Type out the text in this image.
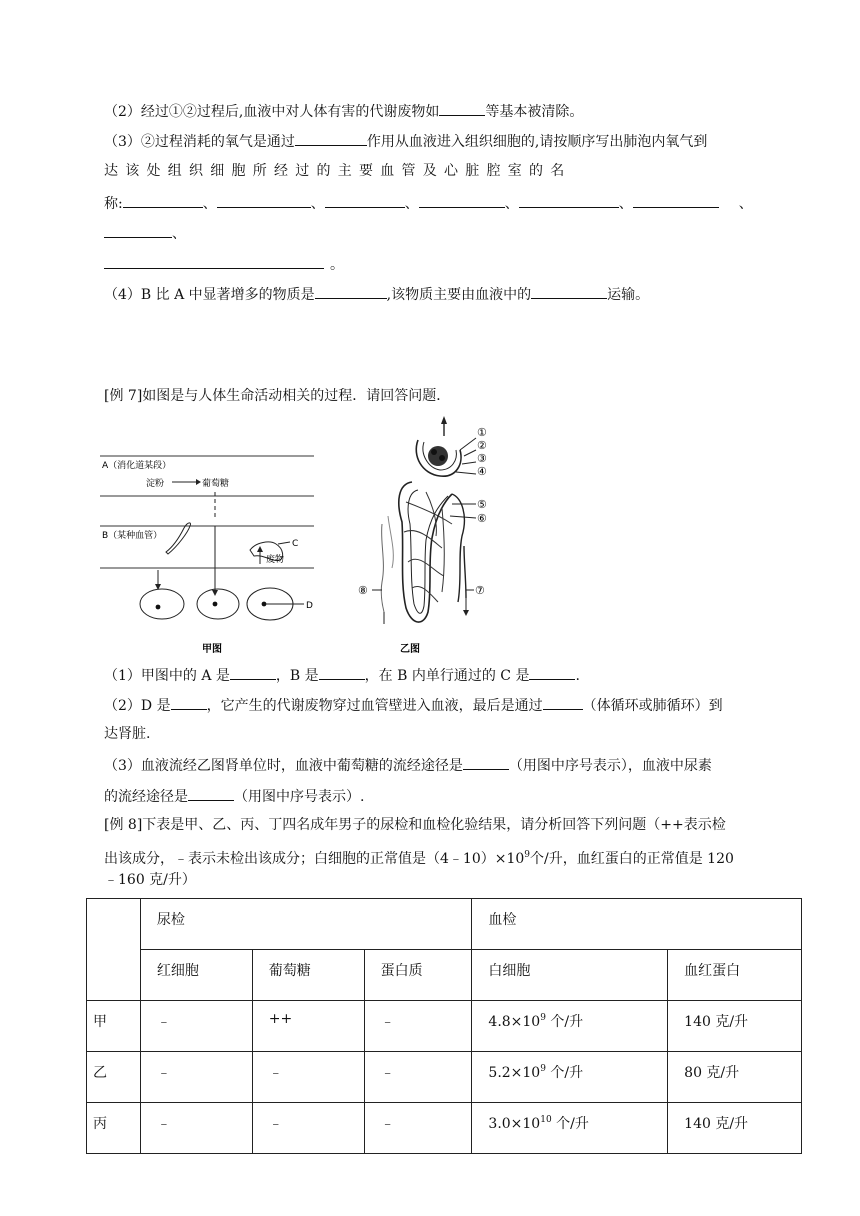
（2）经过①②过程后,血液中对人体有害的代谢废物如	等基本被清除。
（3）②过程消耗的氧气是通过	作用从血液进入组织细胞的,请按顺序写出肺泡内氧气到
达 该 处 组 织 细 胞 所 经 过 的 主 要 血 管 及 心 脏 腔 室 的 名
称:	、	、	、	、	、	、
、
。
（4）B 比 A 中显著增多的物质是	,该物质主要由血液中的	运输。
[例 7]如图是与人体生命活动相关的过程．请回答问题．
A（消化道某段）
淀粉	葡萄糖
B（某种血管）
C
废物
D
甲图
①
②
③
④
⑤
⑥
⑧	⑦
乙图
（1）甲图中的 A 是	，B 是	，在 B 内单行通过的 C 是	.
（2）D 是	，它产生的代谢废物穿过血管壁进入血液，最后是通过	（体循环或肺循环）到
达肾脏.
（3）血液流经乙图肾单位时，血液中葡萄糖的流经途径是	（用图中序号表示），血液中尿素
的流经途径是	（用图中序号表示）.
[例 8]下表是甲、乙、丙、丁四名成年男子的尿检和血检化验结果，请分析回答下列问题（++表示检
出该成分，﹣表示未检出该成分；白细胞的正常值是$(4﹣10)\times 10^9$个/升，血红蛋白的正常值是 120
﹣160 克/升）
	尿检			血检	
	红细胞	葡萄糖	蛋白质	白细胞	血红蛋白
甲	﹣	++	﹣	$4.8\times 10^9$ 个/升	140 克/升
乙	﹣	﹣	﹣	$5.2\times 10^9$ 个/升	80 克/升
丙	﹣	﹣	﹣	$3.0\times 10^{10}$ 个/升	140 克/升
